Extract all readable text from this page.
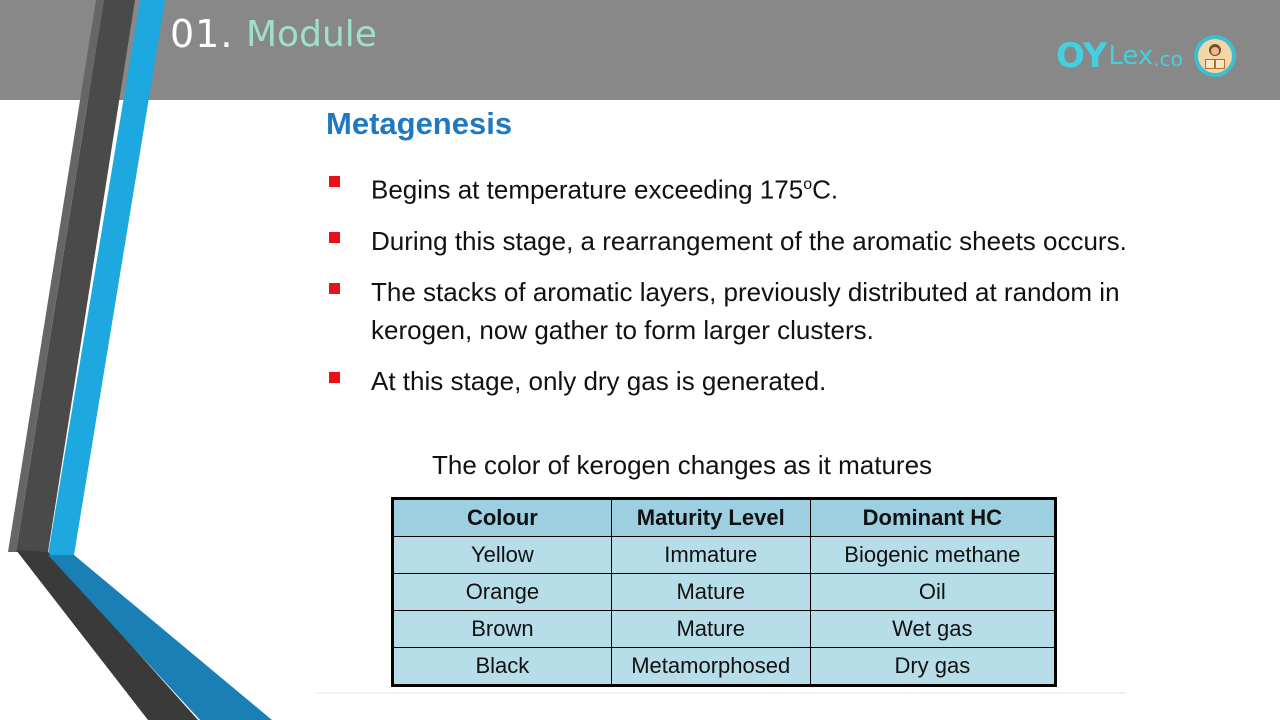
01. Module
OY Lex .co
Metagenesis
Begins at temperature exceeding 175$^o$C.
During this stage, a rearrangement of the aromatic sheets occurs.
The stacks of aromatic layers, previously distributed at random in kerogen, now gather to form larger clusters.
At this stage, only dry gas is generated.
The color of kerogen changes as it matures
Colour	Maturity Level	Dominant HC
Yellow	Immature	Biogenic methane
Orange	Mature	Oil
Brown	Mature	Wet gas
Black	Metamorphosed	Dry gas
